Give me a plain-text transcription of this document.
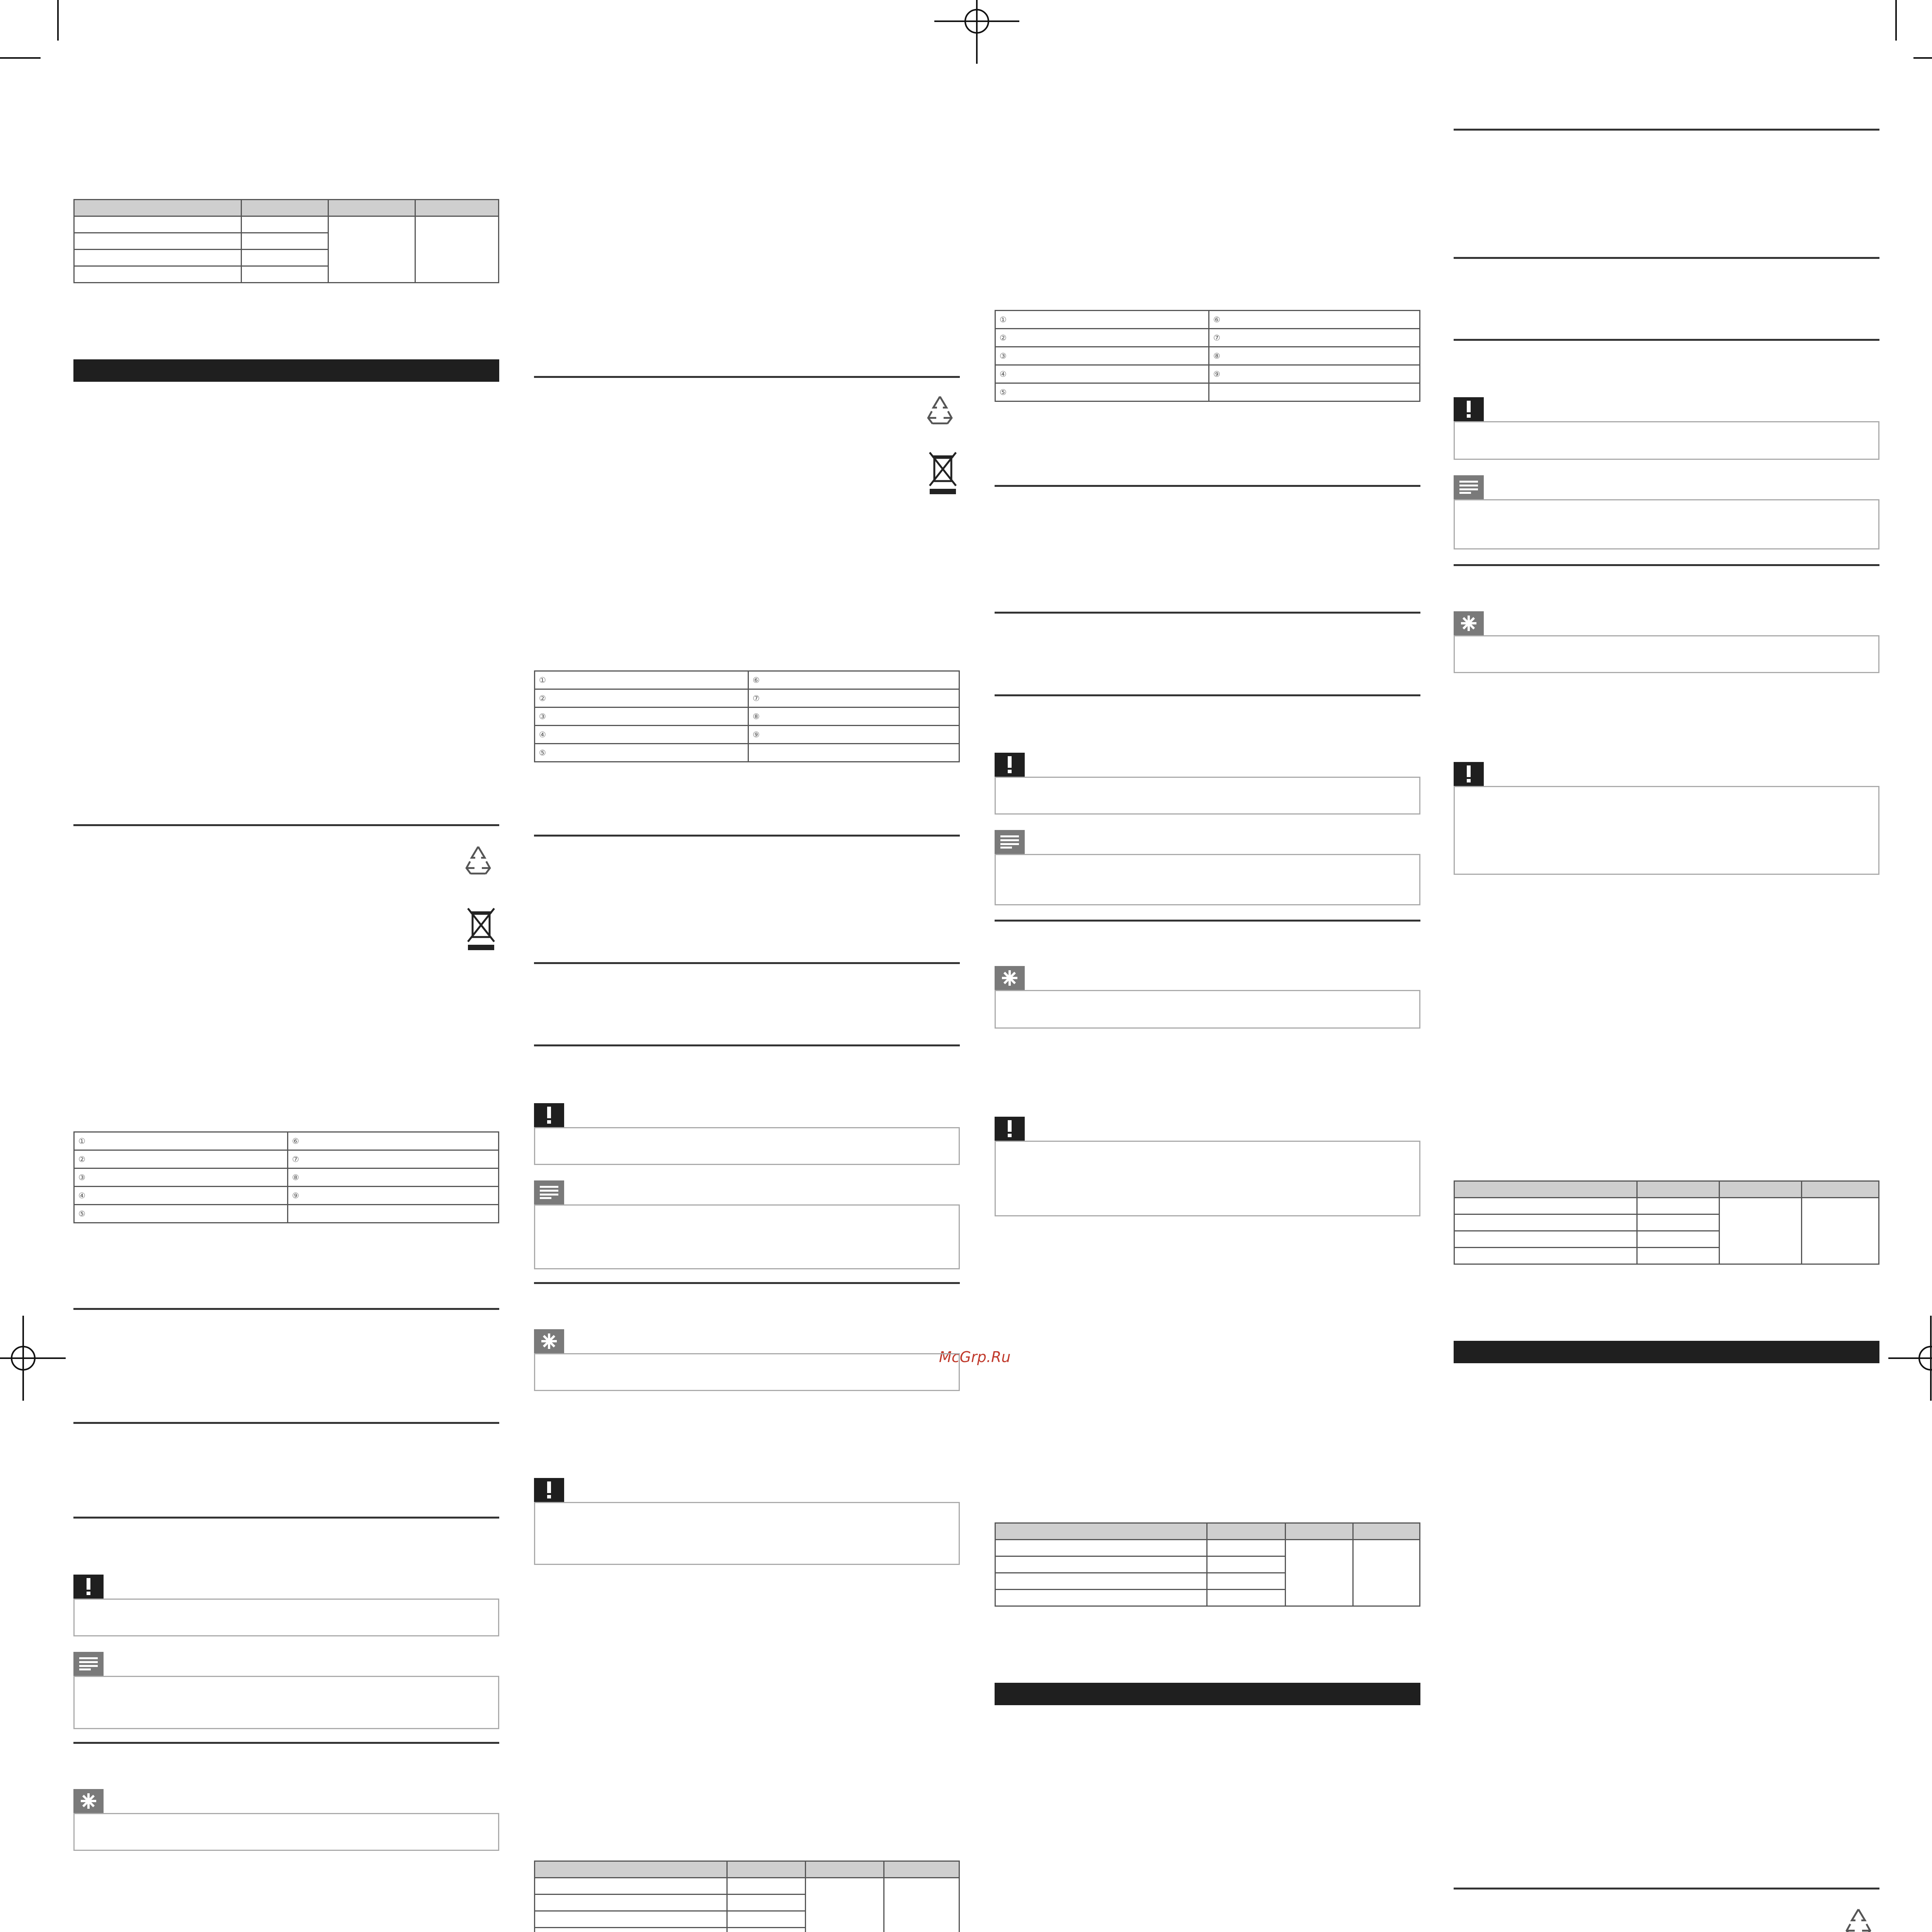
McGrp.Ru

①	⑥
②	⑦
③	⑧
④	⑨
⑤	

①	⑥
②	⑦
③	⑧
④	⑨
⑤	

①	⑥
②	⑦
③	⑧
④	⑨
⑤	
